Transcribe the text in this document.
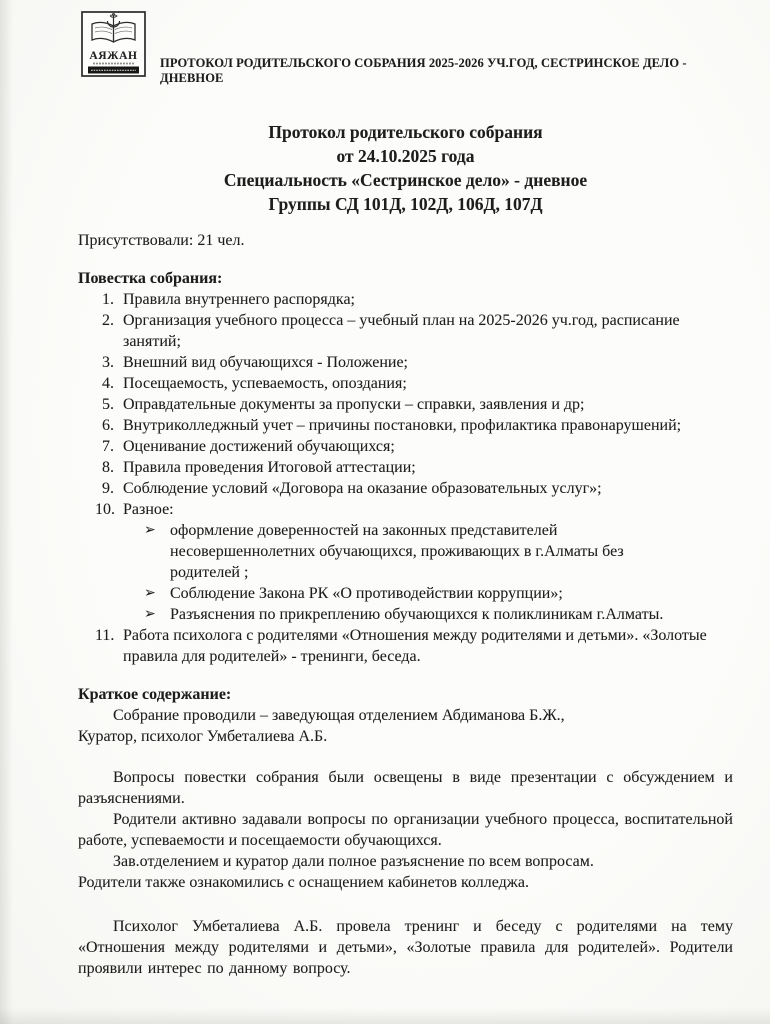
АЯЖАН ПРОТОКОЛ РОДИТЕЛЬСКОГО СОБРАНИЯ 2025-2026 УЧ.ГОД, СЕСТРИНСКОЕ ДЕЛО - ДНЕВНОЕ
Протокол родительского собрания
от 24.10.2025 года
Специальность «Сестринское дело» - дневное
Группы СД 101Д, 102Д, 106Д, 107Д
Присутствовали: 21 чел.
Повестка собрания:
1. Правила внутреннего распорядка;
2. Организация учебного процесса – учебный план на 2025-2026 уч.год, расписание занятий;
3. Внешний вид обучающихся - Положение;
4. Посещаемость, успеваемость, опоздания;
5. Оправдательные документы за пропуски – справки, заявления и др;
6. Внутриколледжный учет – причины постановки, профилактика правонарушений;
7. Оценивание достижений обучающихся;
8. Правила проведения Итоговой аттестации;
9. Соблюдение условий «Договора на оказание образовательных услуг»;
10. Разное:
➢ оформление доверенностей на законных представителей несовершеннолетних обучающихся, проживающих в г.Алматы без родителей ;
➢ Соблюдение Закона РК «О противодействии коррупции»;
➢ Разъяснения по прикреплению обучающихся к поликлиникам г.Алматы.
11. Работа психолога с родителями «Отношения между родителями и детьми». «Золотые правила для родителей» - тренинги, беседа.
Краткое содержание:

Собрание проводили – заведующая отделением Абдиманова Б.Ж.,

Куратор, психолог Умбеталиева А.Б.

Вопросы повестки собрания были освещены в виде презентации с обсуждением и разъяснениями.

Родители активно задавали вопросы по организации учебного процесса, воспитательной работе, успеваемости и посещаемости обучающихся.

Зав.отделением и куратор дали полное разъяснение по всем вопросам.

Родители также ознакомились с оснащением кабинетов колледжа.

Психолог Умбеталиева А.Б. провела тренинг и беседу с родителями на тему «Отношения между родителями и детьми», «Золотые правила для родителей». Родители проявили интерес по данному вопросу.
